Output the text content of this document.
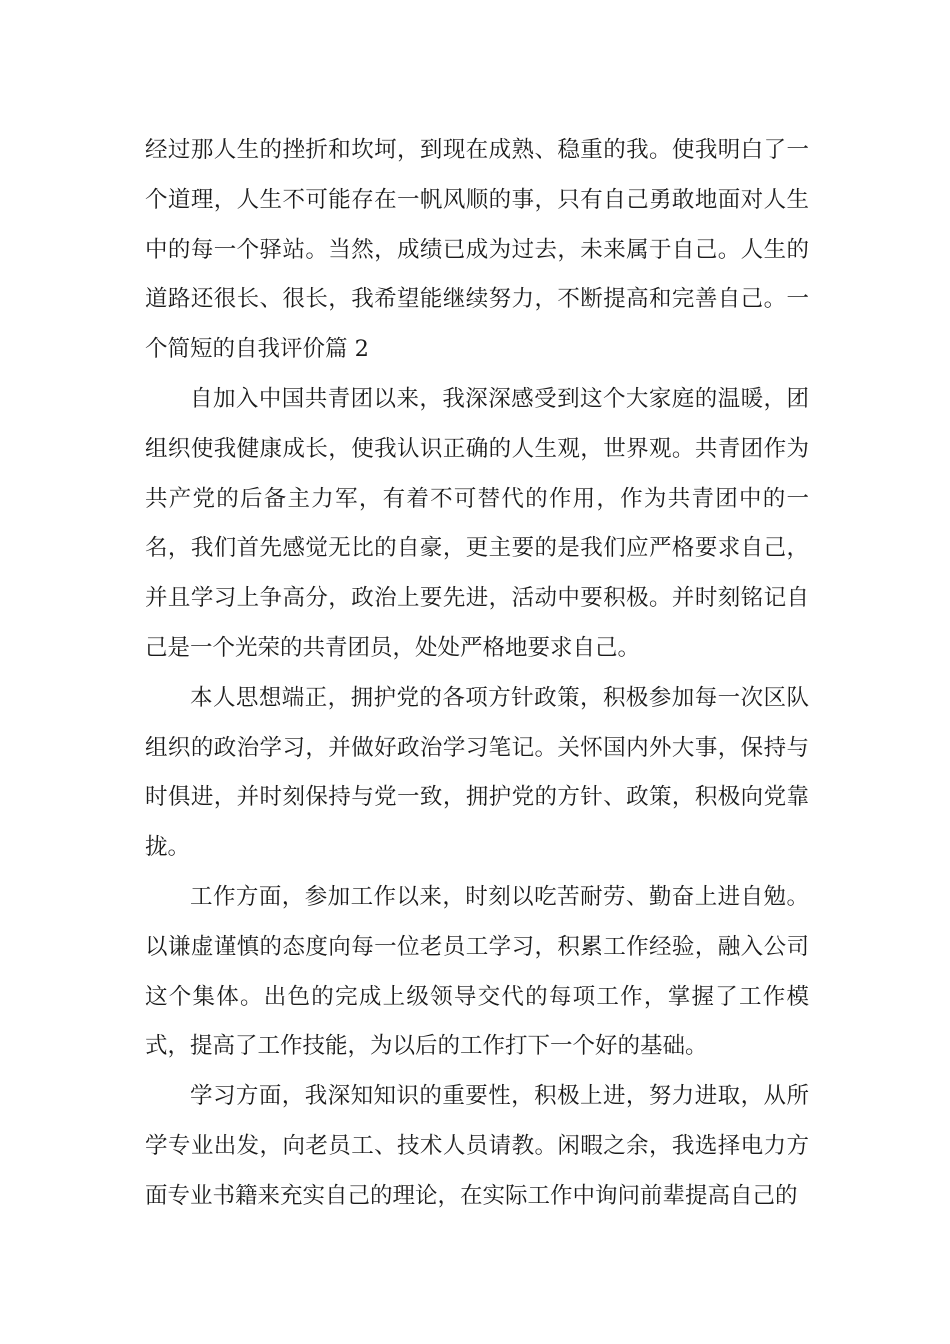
经过那人生的挫折和坎坷，到现在成熟、稳重的我。使我明白了一个道理，人生不可能存在一帆风顺的事，只有自己勇敢地面对人生中的每一个驿站。当然，成绩已成为过去，未来属于自己。人生的道路还很长、很长，我希望能继续努力，不断提高和完善自己。一个简短的自我评价篇 2

自加入中国共青团以来，我深深感受到这个大家庭的温暖，团组织使我健康成长，使我认识正确的人生观，世界观。共青团作为共产党的后备主力军，有着不可替代的作用，作为共青团中的一名，我们首先感觉无比的自豪，更主要的是我们应严格要求自己，并且学习上争高分，政治上要先进，活动中要积极。并时刻铭记自己是一个光荣的共青团员，处处严格地要求自己。

本人思想端正，拥护党的各项方针政策，积极参加每一次区队组织的政治学习，并做好政治学习笔记。关怀国内外大事，保持与时俱进，并时刻保持与党一致，拥护党的方针、政策，积极向党靠拢。

工作方面，参加工作以来，时刻以吃苦耐劳、勤奋上进自勉。以谦虚谨慎的态度向每一位老员工学习，积累工作经验，融入公司这个集体。出色的完成上级领导交代的每项工作，掌握了工作模式，提高了工作技能，为以后的工作打下一个好的基础。

学习方面，我深知知识的重要性，积极上进，努力进取，从所学专业出发，向老员工、技术人员请教。闲暇之余，我选择电力方面专业书籍来充实自己的理论，在实际工作中询问前辈提高自己的
